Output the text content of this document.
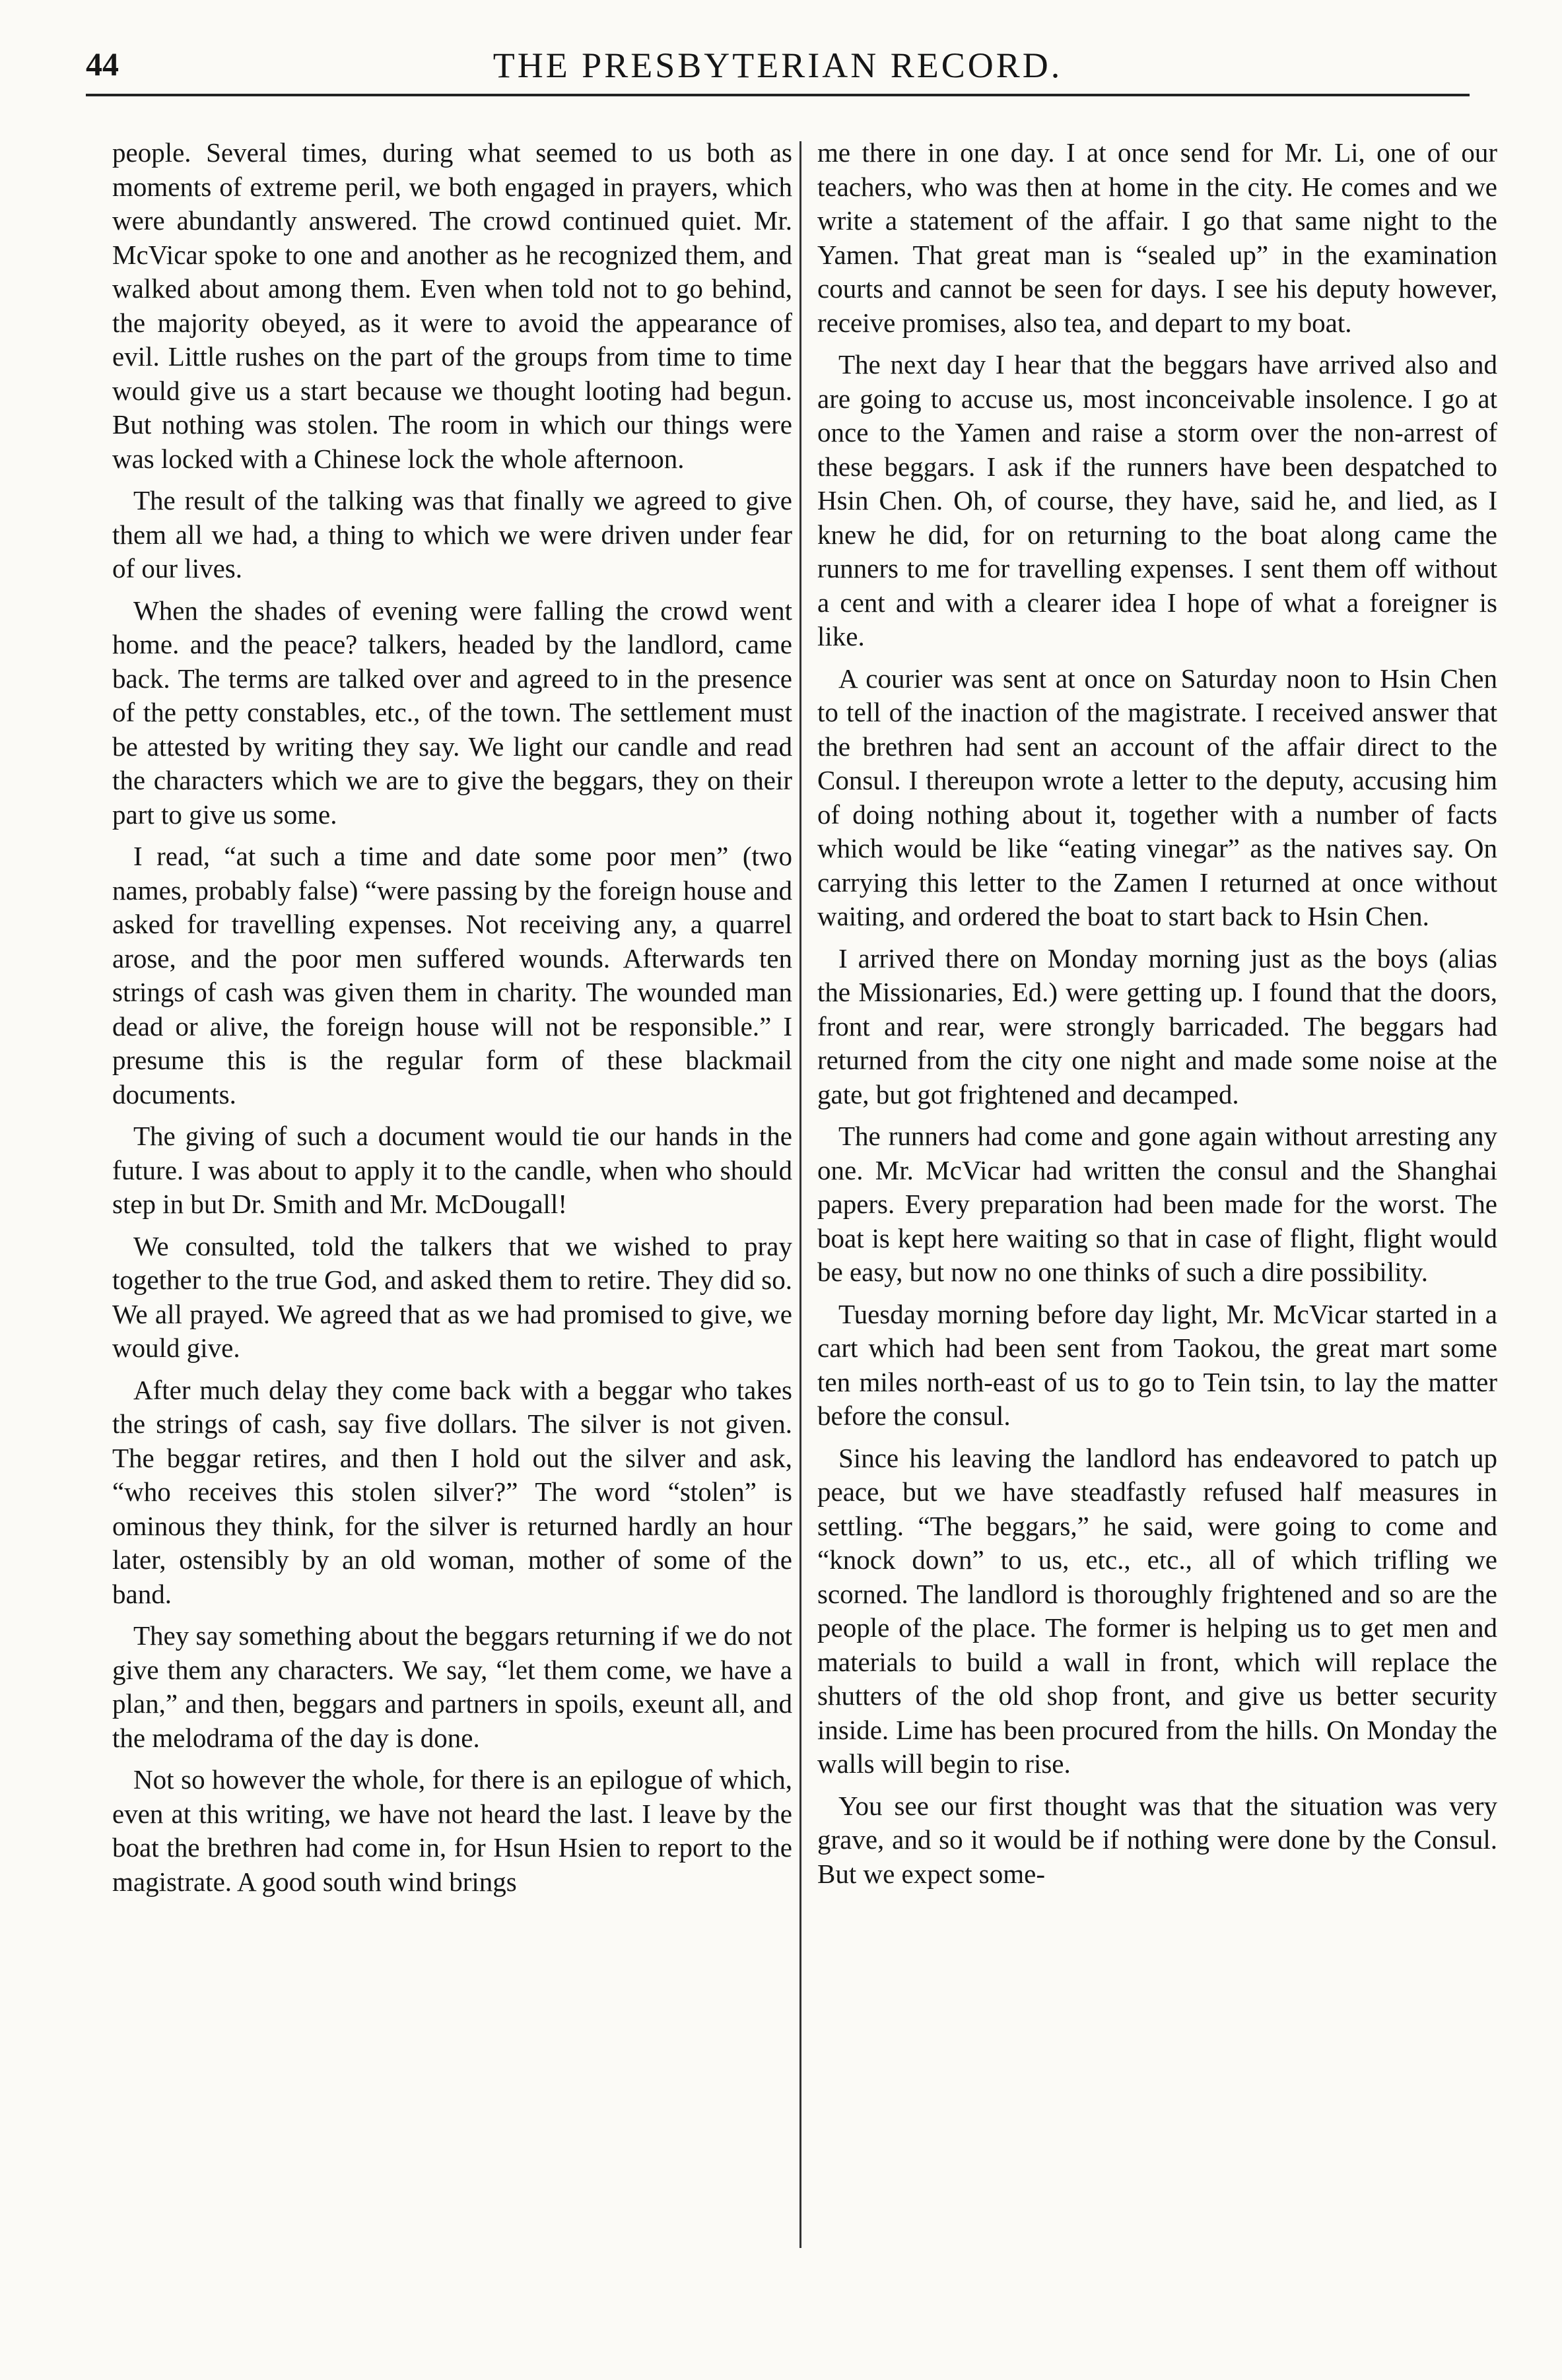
44	THE PRESBYTERIAN RECORD.

people. Several times, during what seemed to us both as moments of extreme peril, we both engaged in prayers, which were abundantly answered. The crowd continued quiet. Mr. McVicar spoke to one and another as he recognized them, and walked about among them. Even when told not to go behind, the majority obeyed, as it were to avoid the appearance of evil. Little rushes on the part of the groups from time to time would give us a start because we thought looting had begun. But nothing was stolen. The room in which our things were was locked with a Chinese lock the whole afternoon.

The result of the talking was that finally we agreed to give them all we had, a thing to which we were driven under fear of our lives.

When the shades of evening were falling the crowd went home. and the peace? talkers, headed by the landlord, came back. The terms are talked over and agreed to in the presence of the petty constables, etc., of the town. The settlement must be attested by writing they say. We light our candle and read the characters which we are to give the beggars, they on their part to give us some.

I read, “at such a time and date some poor men” (two names, probably false) “were passing by the foreign house and asked for travelling expenses. Not receiving any, a quarrel arose, and the poor men suffered wounds. Afterwards ten strings of cash was given them in charity. The wounded man dead or alive, the foreign house will not be responsible.” I presume this is the regular form of these blackmail documents.

The giving of such a document would tie our hands in the future. I was about to apply it to the candle, when who should step in but Dr. Smith and Mr. McDougall!

We consulted, told the talkers that we wished to pray together to the true God, and asked them to retire. They did so. We all prayed. We agreed that as we had promised to give, we would give.

After much delay they come back with a beggar who takes the strings of cash, say five dollars. The silver is not given. The beggar retires, and then I hold out the silver and ask, “who receives this stolen silver?” The word “stolen” is ominous they think, for the silver is returned hardly an hour later, ostensibly by an old woman, mother of some of the band.

They say something about the beggars returning if we do not give them any characters. We say, “let them come, we have a plan,” and then, beggars and partners in spoils, exeunt all, and the melodrama of the day is done.

Not so however the whole, for there is an epilogue of which, even at this writing, we have not heard the last. I leave by the boat the brethren had come in, for Hsun Hsien to report to the magistrate. A good south wind brings

me there in one day. I at once send for Mr. Li, one of our teachers, who was then at home in the city. He comes and we write a statement of the affair. I go that same night to the Yamen. That great man is “sealed up” in the examination courts and cannot be seen for days. I see his deputy however, receive promises, also tea, and depart to my boat.

The next day I hear that the beggars have arrived also and are going to accuse us, most inconceivable insolence. I go at once to the Yamen and raise a storm over the non-arrest of these beggars. I ask if the runners have been despatched to Hsin Chen. Oh, of course, they have, said he, and lied, as I knew he did, for on returning to the boat along came the runners to me for travelling expenses. I sent them off without a cent and with a clearer idea I hope of what a foreigner is like.

A courier was sent at once on Saturday noon to Hsin Chen to tell of the inaction of the magistrate. I received answer that the brethren had sent an account of the affair direct to the Consul. I thereupon wrote a letter to the deputy, accusing him of doing nothing about it, together with a number of facts which would be like “eating vinegar” as the natives say. On carrying this letter to the Zamen I returned at once without waiting, and ordered the boat to start back to Hsin Chen.

I arrived there on Monday morning just as the boys (alias the Missionaries, Ed.) were getting up. I found that the doors, front and rear, were strongly barricaded. The beggars had returned from the city one night and made some noise at the gate, but got frightened and decamped.

The runners had come and gone again without arresting any one. Mr. McVicar had written the consul and the Shanghai papers. Every preparation had been made for the worst. The boat is kept here waiting so that in case of flight, flight would be easy, but now no one thinks of such a dire possibility.

Tuesday morning before day light, Mr. McVicar started in a cart which had been sent from Taokou, the great mart some ten miles north-east of us to go to Tein tsin, to lay the matter before the consul.

Since his leaving the landlord has endeavored to patch up peace, but we have steadfastly refused half measures in settling. “The beggars,” he said, were going to come and “knock down” to us, etc., etc., all of which trifling we scorned. The landlord is thoroughly frightened and so are the people of the place. The former is helping us to get men and materials to build a wall in front, which will replace the shutters of the old shop front, and give us better security inside. Lime has been procured from the hills. On Monday the walls will begin to rise.

You see our first thought was that the situation was very grave, and so it would be if nothing were done by the Consul. But we expect some-
